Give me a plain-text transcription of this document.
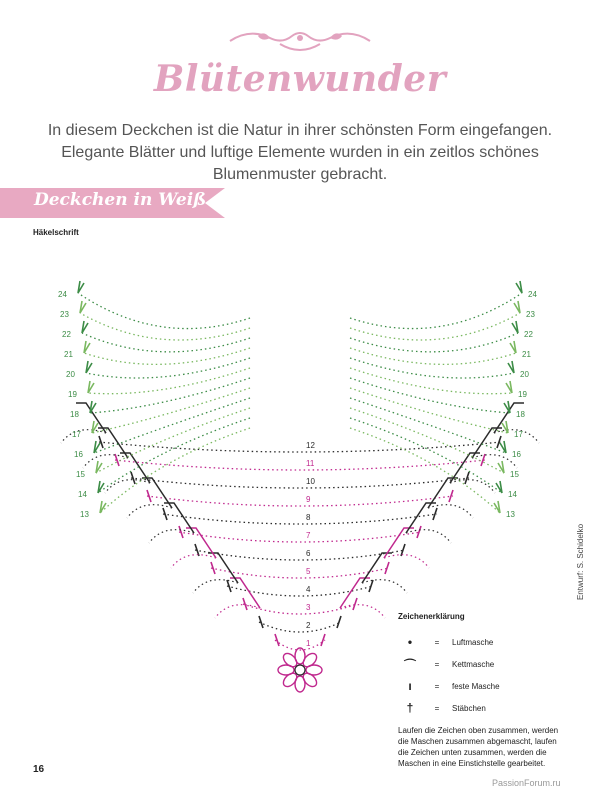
Blütenwunder
In diesem Deckchen ist die Natur in ihrer schönsten Form eingefangen. Elegante Blätter und luftige Elemente wurden in ein zeitlos schönes Blumenmuster gebracht.
Deckchen in Weiß
Häkelschrift
1
2
3
4
5
6
7
8
9
10
11
12
13
14
15
16
17
18
19
20
21
22
23
24
13
14
15
16
17
18
19
20
21
22
23
24
Zeichenerklärung
•	=	Luftmasche
⌒	=	Kettmasche
ı	=	feste Masche
†	=	Stäbchen
Laufen die Zeichen oben zusammen, werden die Maschen zusammen abgemascht, laufen die Zeichen unten zusammen, werden die Maschen in eine Einstichstelle gearbeitet.
Entwurf: S. Schidelko
16
PassionForum.ru
